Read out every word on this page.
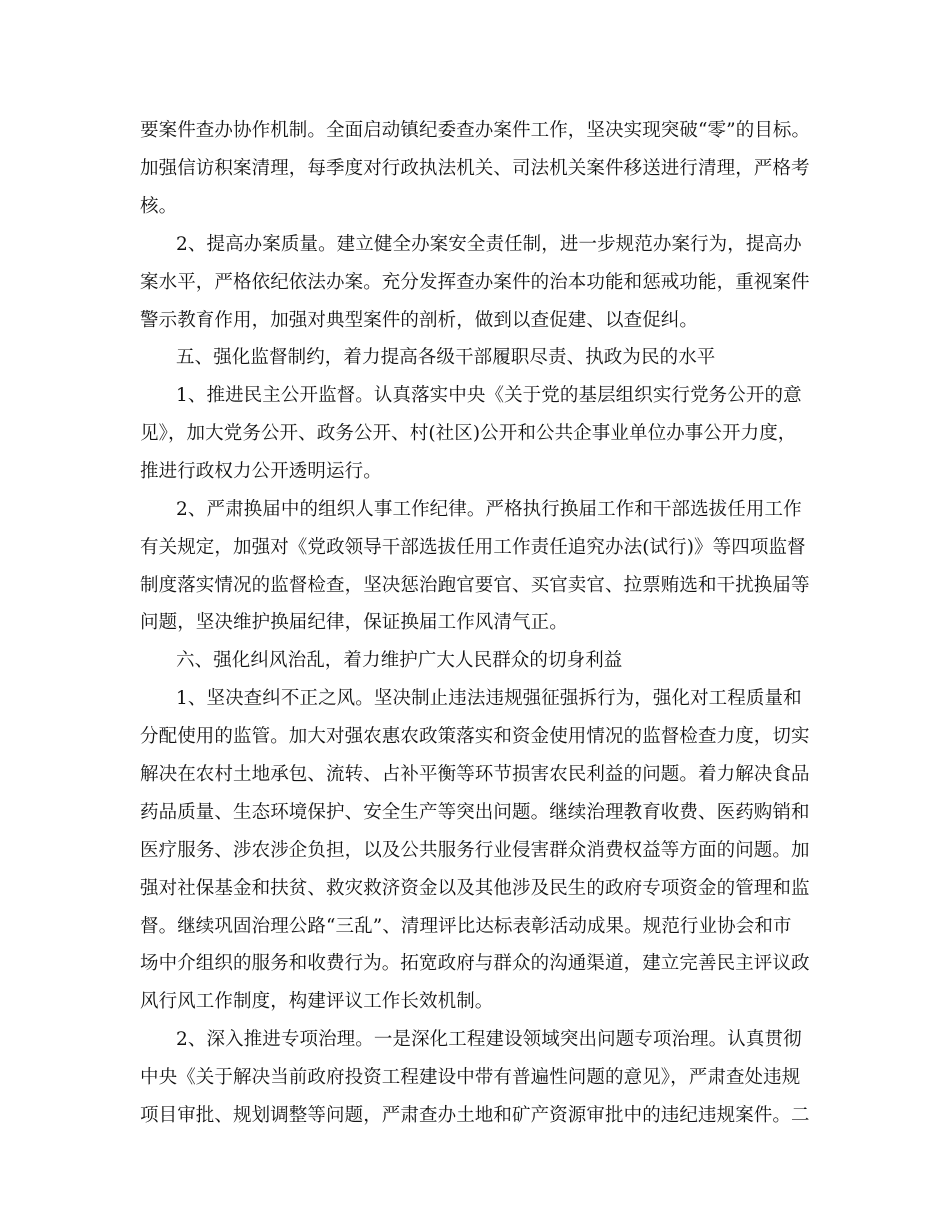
要案件查办协作机制。全面启动镇纪委查办案件工作，坚决实现突破“零”的目标。

加强信访积案清理，每季度对行政执法机关、司法机关案件移送进行清理，严格考

核。

2、提高办案质量。建立健全办案安全责任制，进一步规范办案行为，提高办

案水平，严格依纪依法办案。充分发挥查办案件的治本功能和惩戒功能，重视案件

警示教育作用，加强对典型案件的剖析，做到以查促建、以查促纠。

五、强化监督制约，着力提高各级干部履职尽责、执政为民的水平

1、推进民主公开监督。认真落实中央《关于党的基层组织实行党务公开的意

见》，加大党务公开、政务公开、村(社区)公开和公共企事业单位办事公开力度，

推进行政权力公开透明运行。

2、严肃换届中的组织人事工作纪律。严格执行换届工作和干部选拔任用工作

有关规定，加强对《党政领导干部选拔任用工作责任追究办法(试行)》等四项监督

制度落实情况的监督检查，坚决惩治跑官要官、买官卖官、拉票贿选和干扰换届等

问题，坚决维护换届纪律，保证换届工作风清气正。

六、强化纠风治乱，着力维护广大人民群众的切身利益

1、坚决查纠不正之风。坚决制止违法违规强征强拆行为，强化对工程质量和

分配使用的监管。加大对强农惠农政策落实和资金使用情况的监督检查力度，切实

解决在农村土地承包、流转、占补平衡等环节损害农民利益的问题。着力解决食品

药品质量、生态环境保护、安全生产等突出问题。继续治理教育收费、医药购销和

医疗服务、涉农涉企负担，以及公共服务行业侵害群众消费权益等方面的问题。加

强对社保基金和扶贫、救灾救济资金以及其他涉及民生的政府专项资金的管理和监

督。继续巩固治理公路“三乱”、清理评比达标表彰活动成果。规范行业协会和市

场中介组织的服务和收费行为。拓宽政府与群众的沟通渠道，建立完善民主评议政

风行风工作制度，构建评议工作长效机制。

2、深入推进专项治理。一是深化工程建设领域突出问题专项治理。认真贯彻

中央《关于解决当前政府投资工程建设中带有普遍性问题的意见》，严肃查处违规

项目审批、规划调整等问题，严肃查办土地和矿产资源审批中的违纪违规案件。二
